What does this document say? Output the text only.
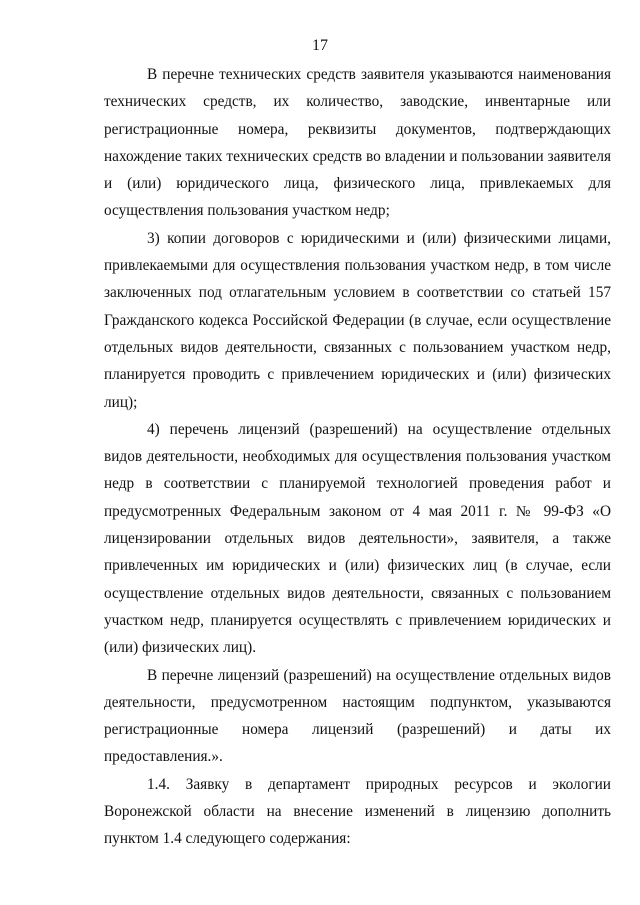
17

В перечне технических средств заявителя указываются наименования технических средств, их количество, заводские, инвентарные или регистрационные номера, реквизиты документов, подтверждающих нахождение таких технических средств во владении и пользовании заявителя и (или) юридического лица, физического лица, привлекаемых для осуществления пользования участком недр;

3) копии договоров с юридическими и (или) физическими лицами, привлекаемыми для осуществления пользования участком недр, в том числе заключенных под отлагательным условием в соответствии со статьей 157 Гражданского кодекса Российской Федерации (в случае, если осуществление отдельных видов деятельности, связанных с пользованием участком недр, планируется проводить с привлечением юридических и (или) физических лиц);

4) перечень лицензий (разрешений) на осуществление отдельных видов деятельности, необходимых для осуществления пользования участком недр в соответствии с планируемой технологией проведения работ и предусмотренных Федеральным законом от 4 мая 2011 г. № 99-ФЗ «О лицензировании отдельных видов деятельности», заявителя, а также привлеченных им юридических и (или) физических лиц (в случае, если осуществление отдельных видов деятельности, связанных с пользованием участком недр, планируется осуществлять с привлечением юридических и (или) физических лиц).

В перечне лицензий (разрешений) на осуществление отдельных видов деятельности, предусмотренном настоящим подпунктом, указываются регистрационные номера лицензий (разрешений) и даты их предоставления.».

1.4. Заявку в департамент природных ресурсов и экологии Воронежской области на внесение изменений в лицензию дополнить пунктом 1.4 следующего содержания:
